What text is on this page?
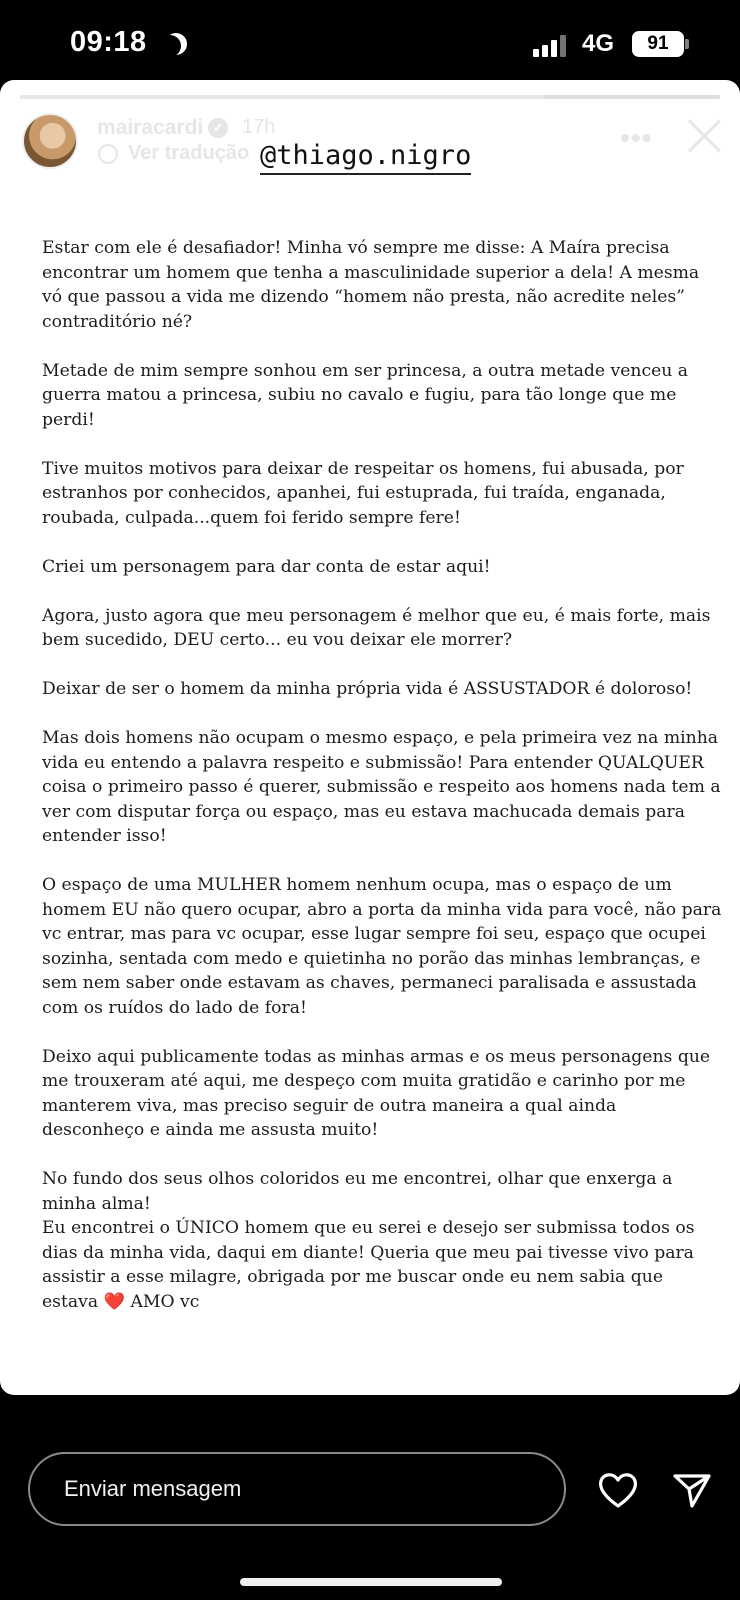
09:18	4G	91
mairacardi ✓ 17h
Ver tradução	•••
@thiago.nigro

Estar com ele é desafiador! Minha vó sempre me disse: A Maíra precisa encontrar um homem que tenha a masculinidade superior a dela! A mesma vó que passou a vida me dizendo “homem não presta, não acredite neles” contraditório né?

Metade de mim sempre sonhou em ser princesa, a outra metade venceu a guerra matou a princesa, subiu no cavalo e fugiu, para tão longe que me perdi!

Tive muitos motivos para deixar de respeitar os homens, fui abusada, por estranhos por conhecidos, apanhei, fui estuprada, fui traída, enganada, roubada, culpada...quem foi ferido sempre fere!

Criei um personagem para dar conta de estar aqui!

Agora, justo agora que meu personagem é melhor que eu, é mais forte, mais bem sucedido, DEU certo... eu vou deixar ele morrer?

Deixar de ser o homem da minha própria vida é ASSUSTADOR é doloroso!

Mas dois homens não ocupam o mesmo espaço, e pela primeira vez na minha vida eu entendo a palavra respeito e submissão! Para entender QUALQUER coisa o primeiro passo é querer, submissão e respeito aos homens nada tem a ver com disputar força ou espaço, mas eu estava machucada demais para entender isso!

O espaço de uma MULHER homem nenhum ocupa, mas o espaço de um homem EU não quero ocupar, abro a porta da minha vida para você, não para vc entrar, mas para vc ocupar, esse lugar sempre foi seu, espaço que ocupei sozinha, sentada com medo e quietinha no porão das minhas lembranças, e sem nem saber onde estavam as chaves, permaneci paralisada e assustada com os ruídos do lado de fora!

Deixo aqui publicamente todas as minhas armas e os meus personagens que me trouxeram até aqui, me despeço com muita gratidão e carinho por me manterem viva, mas preciso seguir de outra maneira a qual ainda desconheço e ainda me assusta muito!

No fundo dos seus olhos coloridos eu me encontrei, olhar que enxerga a minha alma!
Eu encontrei o ÚNICO homem que eu serei e desejo ser submissa todos os dias da minha vida, daqui em diante! Queria que meu pai tivesse vivo para assistir a esse milagre, obrigada por me buscar onde eu nem sabia que estava ❤️ AMO vc
Enviar mensagem
